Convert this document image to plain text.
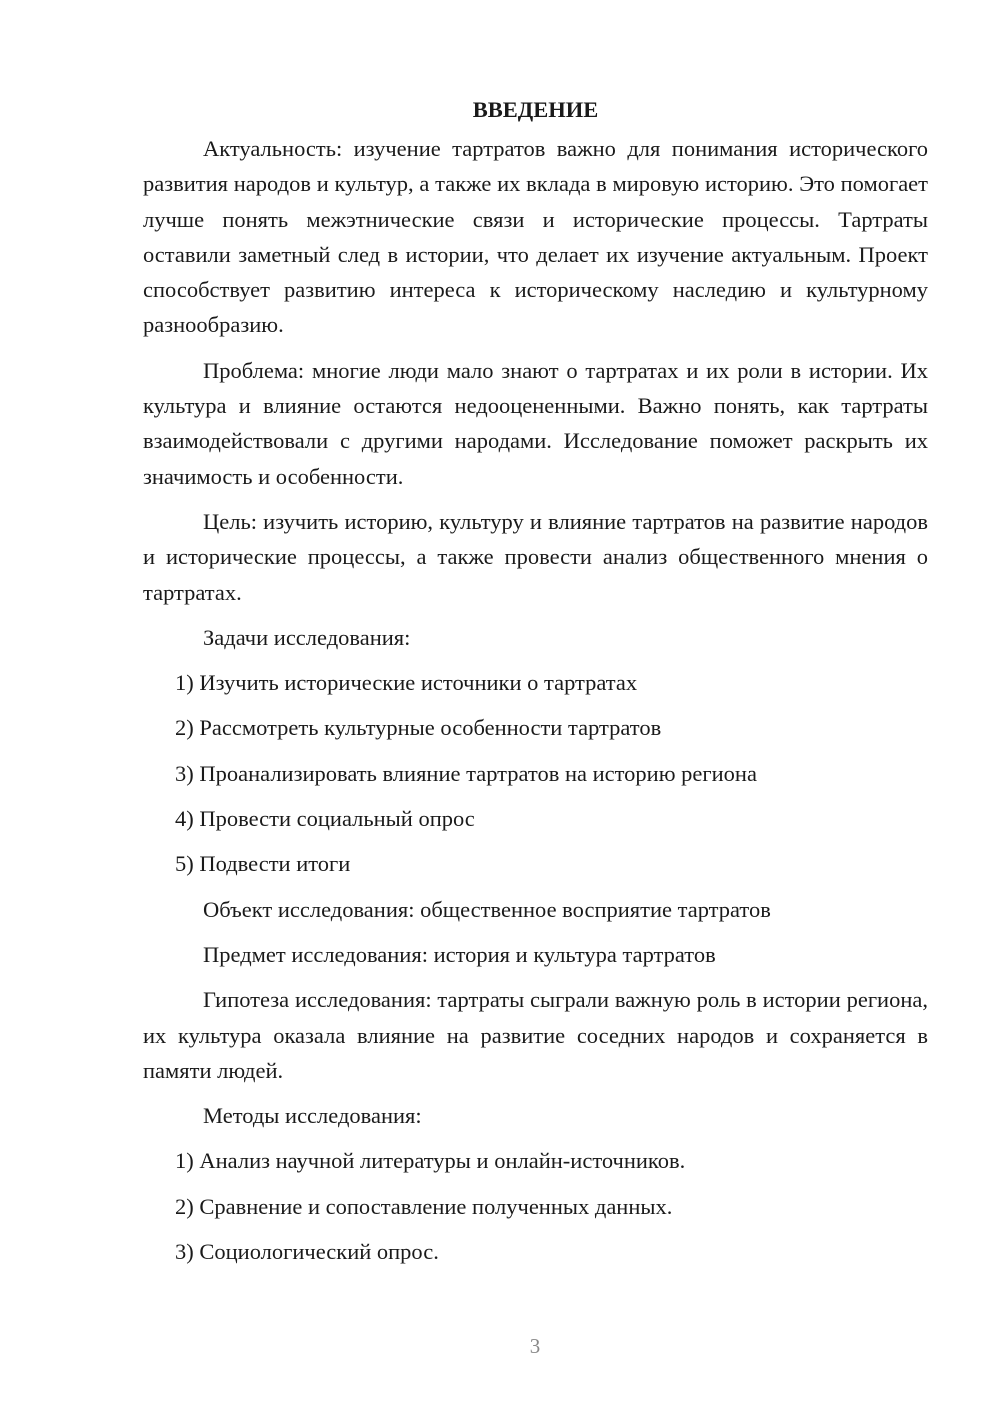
ВВЕДЕНИЕ

Актуальность: изучение тартратов важно для понимания исторического развития народов и культур, а также их вклада в мировую историю. Это помогает лучше понять межэтнические связи и исторические процессы. Тартраты оставили заметный след в истории, что делает их изучение актуальным. Проект способствует развитию интереса к историческому наследию и культурному разнообразию.

Проблема: многие люди мало знают о тартратах и их роли в истории. Их культура и влияние остаются недооцененными. Важно понять, как тартраты взаимодействовали с другими народами. Исследование поможет раскрыть их значимость и особенности.

Цель: изучить историю, культуру и влияние тартратов на развитие народов и исторические процессы, а также провести анализ общественного мнения о тартратах.

Задачи исследования:
1) Изучить исторические источники о тартратах
2) Рассмотреть культурные особенности тартратов
3) Проанализировать влияние тартратов на историю региона
4) Провести социальный опрос
5) Подвести итоги
Объект исследования: общественное восприятие тартратов
Предмет исследования: история и культура тартратов

Гипотеза исследования: тартраты сыграли важную роль в истории региона, их культура оказала влияние на развитие соседних народов и сохраняется в памяти людей.

Методы исследования:
1) Анализ научной литературы и онлайн-источников.
2) Сравнение и сопоставление полученных данных.
3) Социологический опрос.
3
